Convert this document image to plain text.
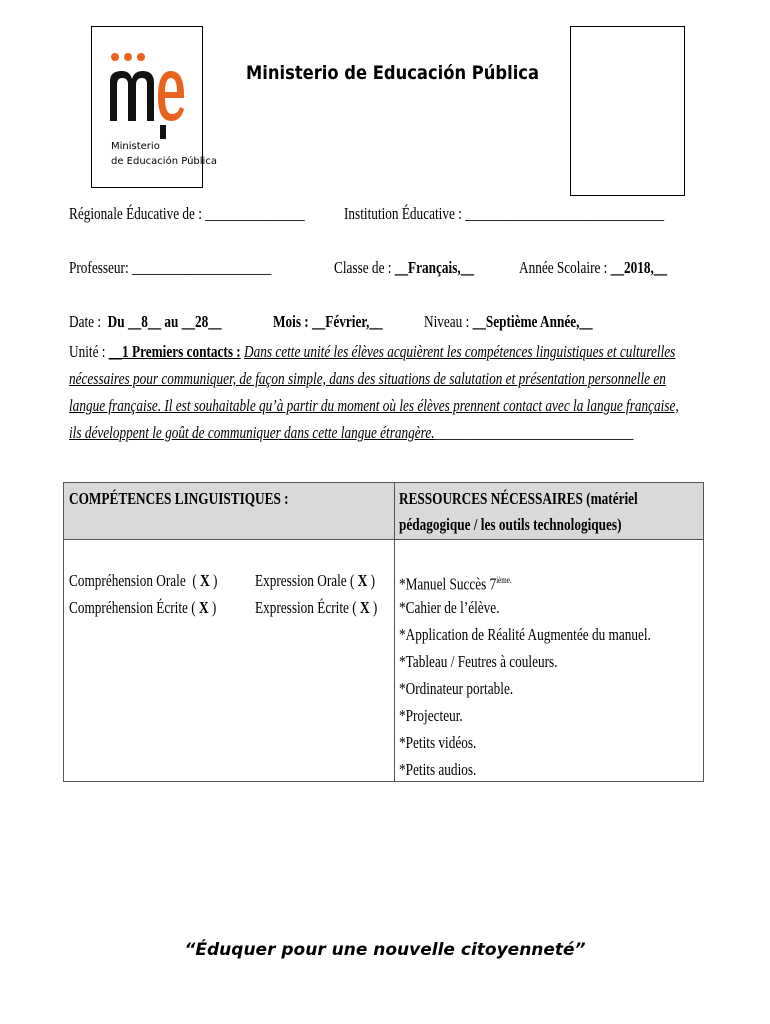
Ministerio
de Educación Pública
Ministerio de Educación Pública
Régionale Éducative de : _______________	Institution Éducative : ______________________________
Professeur: _____________________	Classe de : __Français,__	Année Scolaire : __2018,__
Date : Du __8__ au __28__	Mois : __Février,__	Niveau : __Septième Année,__
Unité : __1 Premiers contacts : Dans cette unité les élèves acquièrent les compétences linguistiques et culturelles
nécessaires pour communiquer, de façon simple, dans des situations de salutation et présentation personnelle en
langue française. Il est souhaitable qu’à partir du moment où les élèves prennent contact avec la langue française,
ils développent le goût de communiquer dans cette langue étrangère.______________________________
COMPÉTENCES LINGUISTIQUES :	RESSOURCES NÉCESSAIRES (matériel
pédagogique / les outils technologiques)
Compréhension Orale  ( X )	Expression Orale ( X )
Compréhension Écrite ( X )	Expression Écrite ( X )
*Manuel Succès $7^{ième.}$
*Cahier de l’élève.
*Application de Réalité Augmentée du manuel.
*Tableau / Feutres à couleurs.
*Ordinateur portable.
*Projecteur.
*Petits vidéos.
*Petits audios.
“Éduquer pour une nouvelle citoyenneté”
